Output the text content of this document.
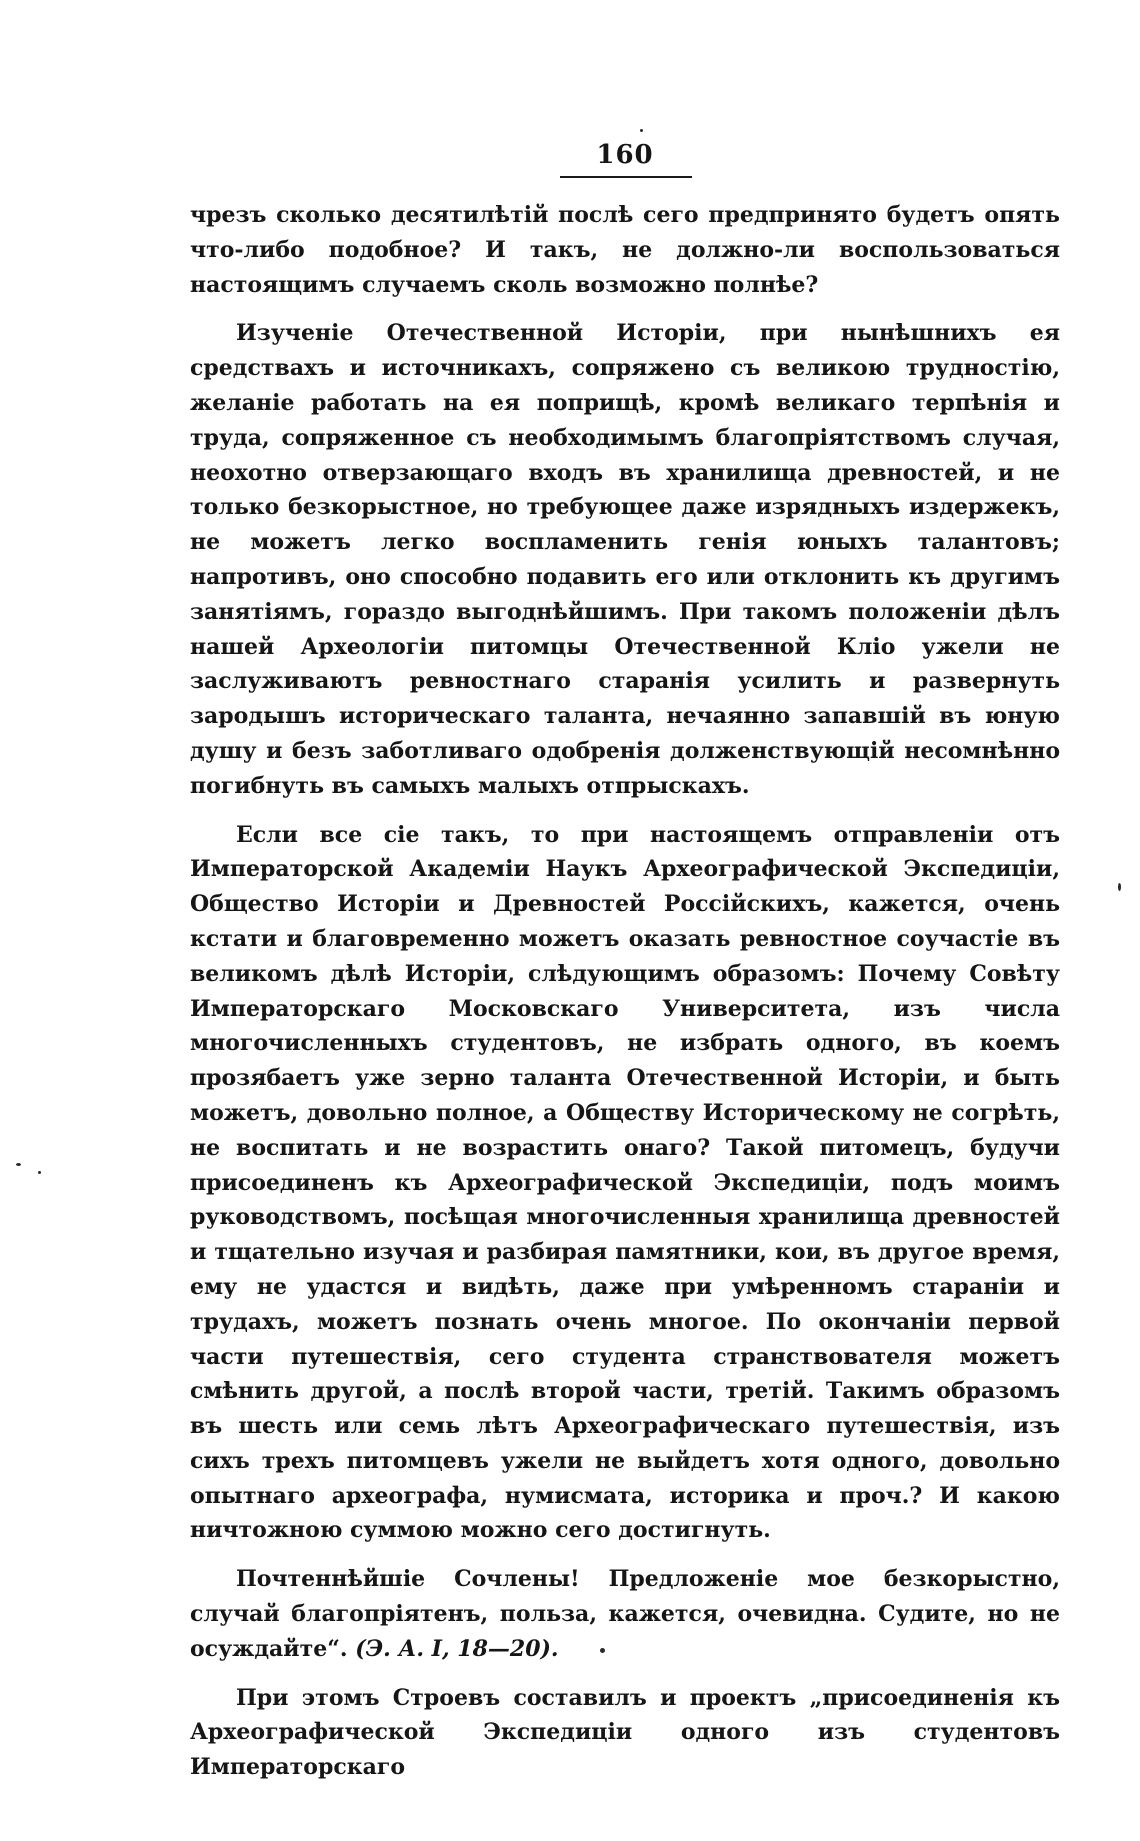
160

чрезъ сколько десятилѣтій послѣ сего предпринято будетъ опять что-либо подобное? И такъ, не должно-ли воспользоваться настоящимъ случаемъ сколь возможно полнѣе?

Изученіе Отечественной Исторіи, при нынѣшнихъ ея средствахъ и источникахъ, сопряжено съ великою трудностію, желаніе работать на ея поприщѣ, кромѣ великаго терпѣнія и труда, сопряженное съ необходимымъ благопріятствомъ случая, неохотно отверзающаго входъ въ хранилища древностей, и не только безкорыстное, но требующее даже изрядныхъ издержекъ, не можетъ легко воспламенить генія юныхъ талантовъ; напротивъ, оно способно подавить его или отклонить къ другимъ занятіямъ, гораздо выгоднѣйшимъ. При такомъ положеніи дѣлъ нашей Археологіи питомцы Отечественной Кліо ужели не заслуживаютъ ревностнаго старанія усилить и развернуть зародышъ историческаго таланта, нечаянно запавшій въ юную душу и безъ заботливаго одобренія долженствующій несомнѣнно погибнуть въ самыхъ малыхъ отпрыскахъ.

Если все сіе такъ, то при настоящемъ отправленіи отъ Императорской Академіи Наукъ Археографической Экспедиціи, Общество Исторіи и Древностей Россійскихъ, кажется, очень кстати и благовременно можетъ оказать ревностное соучастіе въ великомъ дѣлѣ Исторіи, слѣдующимъ образомъ: Почему Совѣту Императорскаго Московскаго Университета, изъ числа многочисленныхъ студентовъ, не избрать одного, въ коемъ прозябаетъ уже зерно таланта Отечественной Исторіи, и быть можетъ, довольно полное, а Обществу Историческому не согрѣть, не воспитать и не возрастить онаго? Такой питомецъ, будучи присоединенъ къ Археографической Экспедиціи, подъ моимъ руководствомъ, посѣщая многочисленныя хранилища древностей и тщательно изучая и разбирая памятники, кои, въ другое время, ему не удастся и видѣть, даже при умѣренномъ стараніи и трудахъ, можетъ познать очень многое. По окончаніи первой части путешествія, сего студента странствователя можетъ смѣнить другой, а послѣ второй части, третій. Такимъ образомъ въ шесть или семь лѣтъ Археографическаго путешествія, изъ сихъ трехъ питомцевъ ужели не выйдетъ хотя одного, довольно опытнаго археографа, нумисмата, историка и проч.? И какою ничтожною суммою можно сего достигнуть.

Почтеннѣйшіе Сочлены! Предложеніе мое безкорыстно, случай благопріятенъ, польза, кажется, очевидна. Судите, но не осуждайте“. (Э. А. I, 18—20).

При этомъ Строевъ составилъ и проектъ „присоединенія къ Археографической Экспедиціи одного изъ студентовъ Императорскаго
